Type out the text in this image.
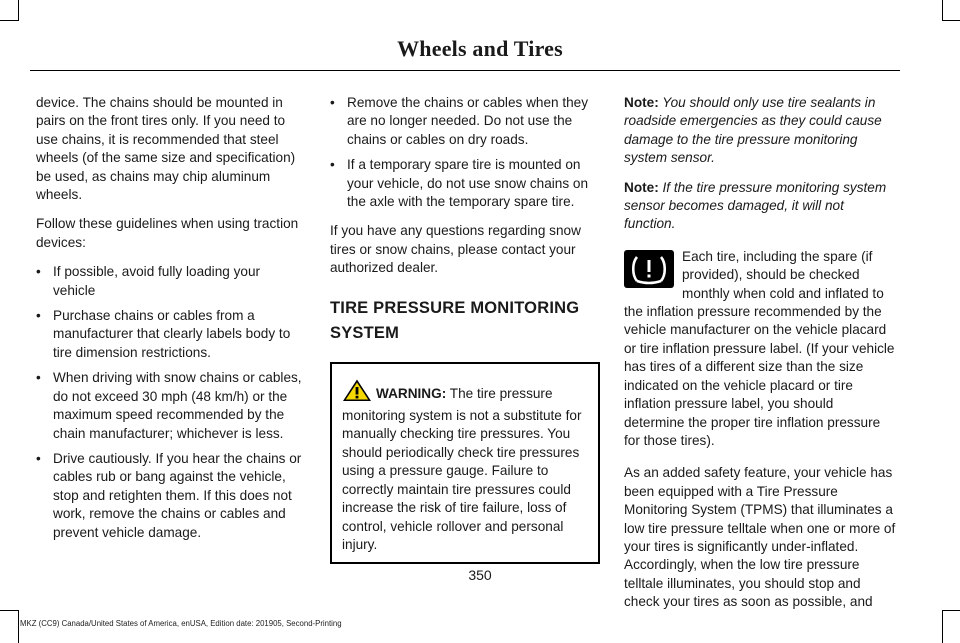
Wheels and Tires

device. The chains should be mounted in pairs on the front tires only. If you need to use chains, it is recommended that steel wheels (of the same size and specification) be used, as chains may chip aluminum wheels.

Follow these guidelines when using traction devices:

• If possible, avoid fully loading your vehicle
• Purchase chains or cables from a manufacturer that clearly labels body to tire dimension restrictions.
• When driving with snow chains or cables, do not exceed 30 mph (48 km/h) or the maximum speed recommended by the chain manufacturer; whichever is less.
• Drive cautiously. If you hear the chains or cables rub or bang against the vehicle, stop and retighten them. If this does not work, remove the chains or cables and prevent vehicle damage.
• Remove the chains or cables when they are no longer needed. Do not use the chains or cables on dry roads.
• If a temporary spare tire is mounted on your vehicle, do not use snow chains on the axle with the temporary spare tire.

If you have any questions regarding snow tires or snow chains, please contact your authorized dealer.

TIRE PRESSURE MONITORING SYSTEM
WARNING: The tire pressure monitoring system is not a substitute for manually checking tire pressures. You should periodically check tire pressures using a pressure gauge. Failure to correctly maintain tire pressures could increase the risk of tire failure, loss of control, vehicle rollover and personal injury.

Note: You should only use tire sealants in roadside emergencies as they could cause damage to the tire pressure monitoring system sensor.

Note: If the tire pressure monitoring system sensor becomes damaged, it will not function.

Each tire, including the spare (if provided), should be checked monthly when cold and inflated to the inflation pressure recommended by the vehicle manufacturer on the vehicle placard or tire inflation pressure label. (If your vehicle has tires of a different size than the size indicated on the vehicle placard or tire inflation pressure label, you should determine the proper tire inflation pressure for those tires).

As an added safety feature, your vehicle has been equipped with a Tire Pressure Monitoring System (TPMS) that illuminates a low tire pressure telltale when one or more of your tires is significantly under-inflated. Accordingly, when the low tire pressure telltale illuminates, you should stop and check your tires as soon as possible, and

350
MKZ (CC9) Canada/United States of America, enUSA, Edition date: 201905, Second-Printing
